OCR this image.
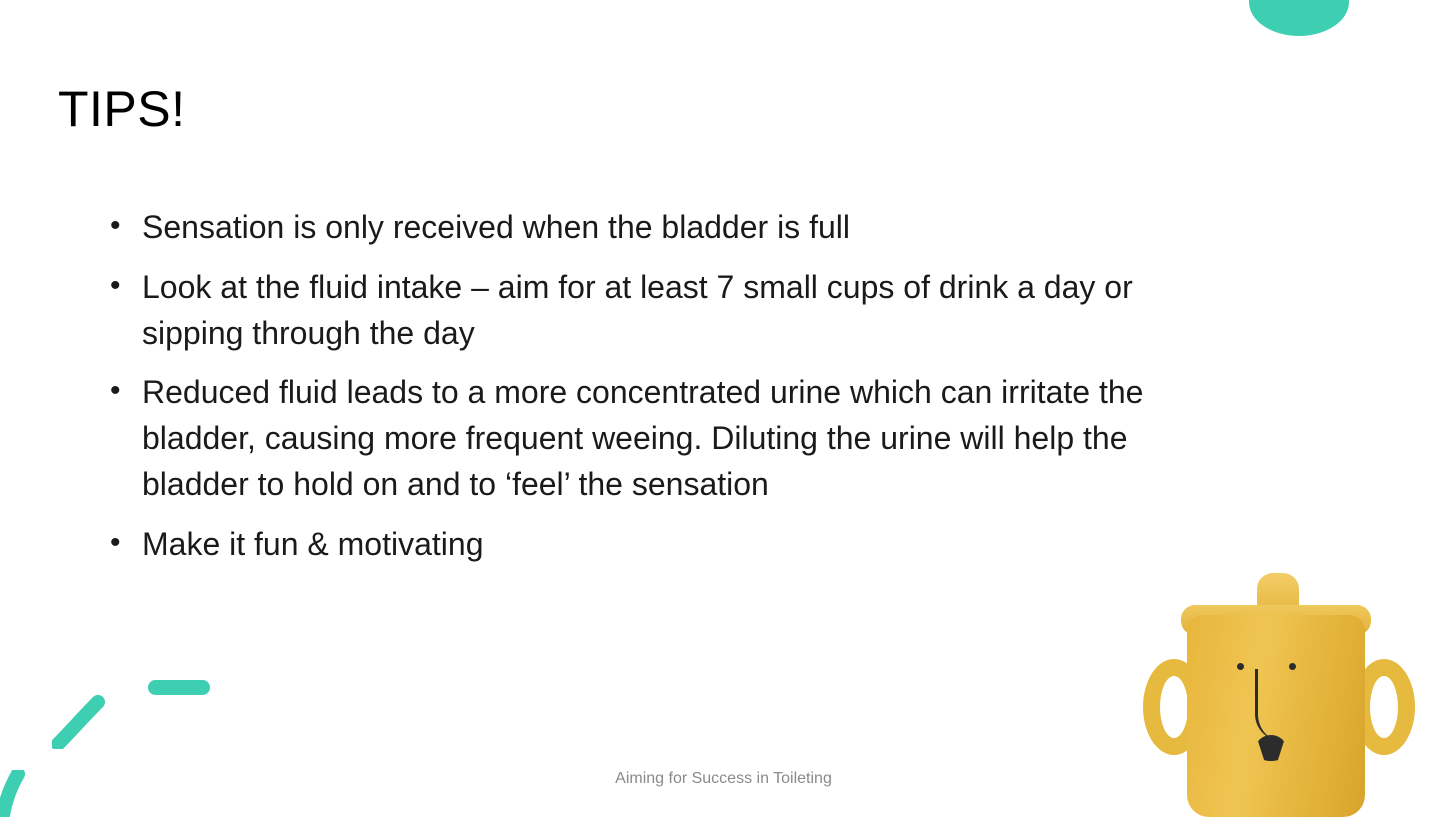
TIPS!
• Sensation is only received when the bladder is full
• Look at the fluid intake – aim for at least 7 small cups of drink a day or sipping through the day
• Reduced fluid leads to a more concentrated urine which can irritate the bladder, causing more frequent weeing. Diluting the urine will help the bladder to hold on and to ‘feel’ the sensation
• Make it fun & motivating
Aiming for Success in Toileting
